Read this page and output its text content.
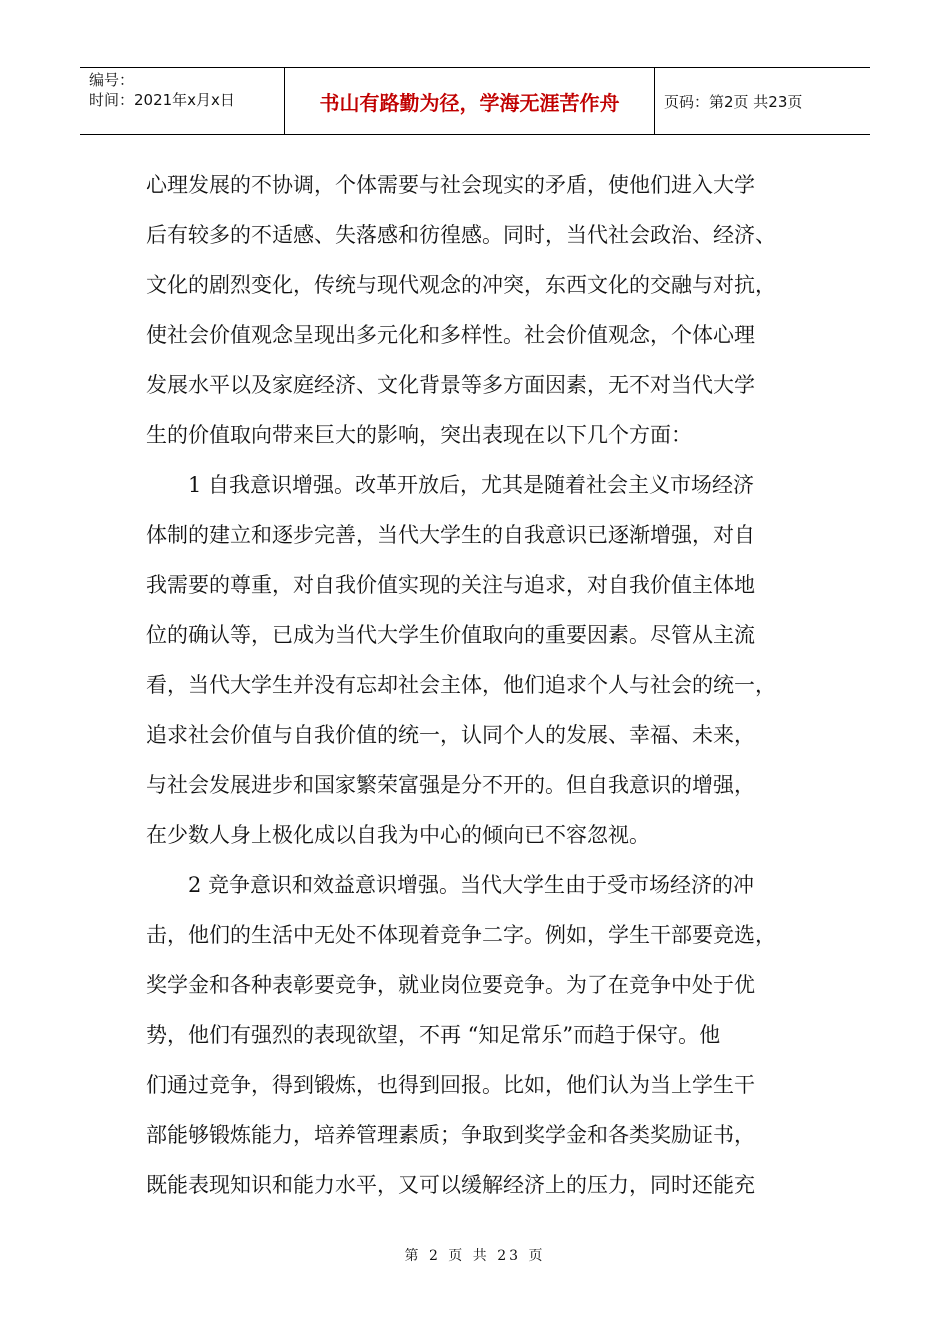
编号：
时间：2021年x月x日	书山有路勤为径，学海无涯苦作舟	页码：第2页 共23页

心理发展的不协调，个体需要与社会现实的矛盾，使他们进入大学

后有较多的不适感、失落感和彷徨感。同时，当代社会政治、经济、

文化的剧烈变化，传统与现代观念的冲突，东西文化的交融与对抗，

使社会价值观念呈现出多元化和多样性。社会价值观念，个体心理

发展水平以及家庭经济、文化背景等多方面因素，无不对当代大学

生的价值取向带来巨大的影响，突出表现在以下几个方面：

1 自我意识增强。改革开放后，尤其是随着社会主义市场经济

体制的建立和逐步完善，当代大学生的自我意识已逐渐增强，对自

我需要的尊重，对自我价值实现的关注与追求，对自我价值主体地

位的确认等，已成为当代大学生价值取向的重要因素。尽管从主流

看，当代大学生并没有忘却社会主体，他们追求个人与社会的统一，

追求社会价值与自我价值的统一，认同个人的发展、幸福、未来，

与社会发展进步和国家繁荣富强是分不开的。但自我意识的增强，

在少数人身上极化成以自我为中心的倾向已不容忽视。

2 竞争意识和效益意识增强。当代大学生由于受市场经济的冲

击，他们的生活中无处不体现着竞争二字。例如，学生干部要竞选，

奖学金和各种表彰要竞争，就业岗位要竞争。为了在竞争中处于优

势，他们有强烈的表现欲望，不再 “知足常乐”而趋于保守。他

们通过竞争，得到锻炼，也得到回报。比如，他们认为当上学生干

部能够锻炼能力，培养管理素质；争取到奖学金和各类奖励证书，

既能表现知识和能力水平，又可以缓解经济上的压力，同时还能充

第 2 页 共 23 页
